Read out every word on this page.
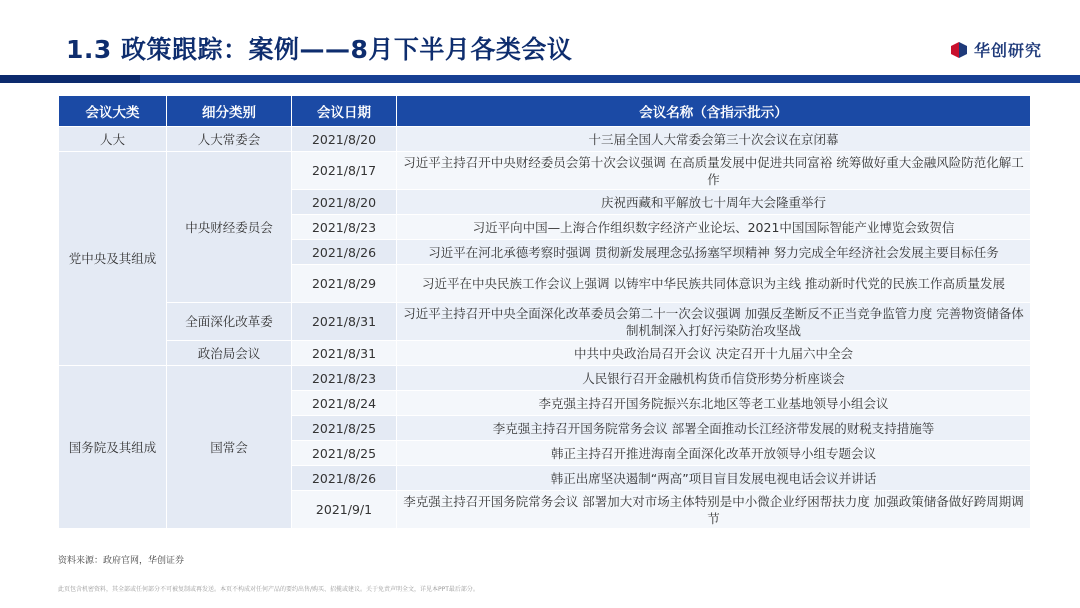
1.3 政策跟踪：案例——8月下半月各类会议	华创研究
会议大类	细分类别	会议日期	会议名称（含指示批示）
人大	人大常委会	2021/8/20	十三届全国人大常委会第三十次会议在京闭幕
党中央及其组成	中央财经委员会	2021/8/17	习近平主持召开中央财经委员会第十次会议强调 在高质量发展中促进共同富裕 统筹做好重大金融风险防范化解工作
		2021/8/20	庆祝西藏和平解放七十周年大会隆重举行
		2021/8/23	习近平向中国—上海合作组织数字经济产业论坛、2021中国国际智能产业博览会致贺信
		2021/8/26	习近平在河北承德考察时强调 贯彻新发展理念弘扬塞罕坝精神 努力完成全年经济社会发展主要目标任务
		2021/8/29	习近平在中央民族工作会议上强调 以铸牢中华民族共同体意识为主线 推动新时代党的民族工作高质量发展
	全面深化改革委	2021/8/31	习近平主持召开中央全面深化改革委员会第二十一次会议强调 加强反垄断反不正当竞争监管力度 完善物资储备体制机制深入打好污染防治攻坚战
	政治局会议	2021/8/31	中共中央政治局召开会议 决定召开十九届六中全会
国务院及其组成	国常会	2021/8/23	人民银行召开金融机构货币信贷形势分析座谈会
		2021/8/24	李克强主持召开国务院振兴东北地区等老工业基地领导小组会议
		2021/8/25	李克强主持召开国务院常务会议 部署全面推动长江经济带发展的财税支持措施等
		2021/8/25	韩正主持召开推进海南全面深化改革开放领导小组专题会议
		2021/8/26	韩正出席坚决遏制“两高”项目盲目发展电视电话会议并讲话
		2021/9/1	李克强主持召开国务院常务会议 部署加大对市场主体特别是中小微企业纾困帮扶力度 加强政策储备做好跨周期调节
资料来源：政府官网，华创证券
此页包含机密资料，其全部或任何部分不可被复制或再发送。本页不构成对任何产品的要约出售/购买、招揽或建议。关于免责声明全文，详见本PPT最后部分。
